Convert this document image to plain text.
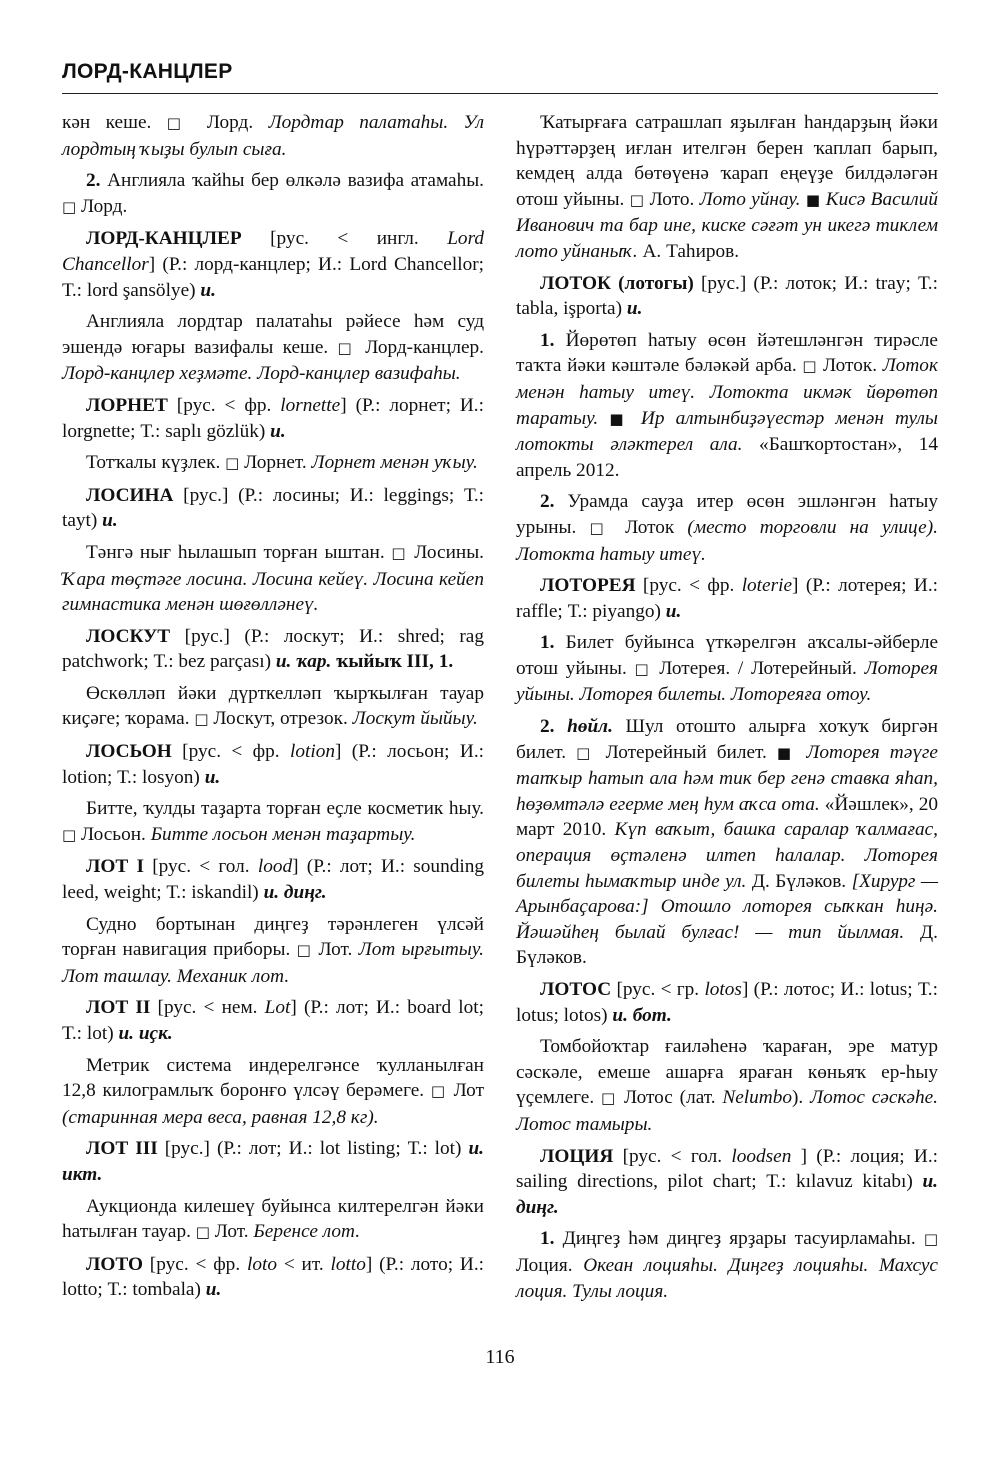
ЛОРД-КАНЦЛЕР

кән кеше. □ Лорд. Лордтар палатаһы. Ул лордтың ҡыҙы булып сыға.

2. Англияла ҡайһы бер өлкәлә вазифа атамаһы. □ Лорд.

ЛОРД-КАНЦЛЕР [рус. < ингл. Lord Chancellor] (Р.: лорд-канцлер; И.: Lord Chancellor; Т.: lord şansölye) и.

Англияла лордтар палатаһы рәйесе һәм суд эшендә юғары вазифалы кеше. □ Лорд-канцлер. Лорд-канцлер хеҙмәте. Лорд-канцлер вазифаһы.

ЛОРНЕТ [рус. < фр. lornette] (Р.: лорнет; И.: lorgnette; Т.: saplı gözlük) и.

Тотҡалы күҙлек. □ Лорнет. Лорнет менән уҡыу.

ЛОСИНА [рус.] (Р.: лосины; И.: leggings; Т.: tayt) и.

Тәнгә нығ һылашып торған ыштан. □ Лосины. Ҡара төҫтәге лосина. Лосина кейеү. Лосина кейеп гимнастика менән шөғөлләнеү.

ЛОСКУТ [рус.] (Р.: лоскут; И.: shred; rag patchwork; Т.: bez parçası) и. ҡар. ҡыйыҡ III, 1.

Өскөлләп йәки дүрткелләп ҡырҡылған тауар киҫәге; ҡорама. □ Лоскут, отрезок. Лоскут йыйыу.

ЛОСЬОН [рус. < фр. lotion] (Р.: лосьон; И.: lotion; Т.: losyon) и.

Битте, ҡулды таҙарта торған еҫле косметик һыу. □ Лосьон. Битте лосьон менән таҙартыу.

ЛОТ I [рус. < гол. lood] (Р.: лот; И.: sounding leed, weight; Т.: iskandil) и. диңг.

Судно бортынан диңгеҙ тәрәнлеген үлсәй торған навигация приборы. □ Лот. Лот ырғытыу. Лот ташлау. Механик лот.

ЛОТ II [рус. < нем. Lot] (Р.: лот; И.: board lot; Т.: lot) и. иҫк.

Метрик система индерелгәнсе ҡулланылған 12,8 килограмлыҡ боронғо үлсәү берәмеге. □ Лот (старинная мера веса, равная 12,8 кг).

ЛОТ III [рус.] (Р.: лот; И.: lot listing; Т.: lot) и. икт.

Аукционда килешеү буйынса килтерелгән йәки һатылған тауар. □ Лот. Беренсе лот.

ЛОТО [рус. < фр. loto < ит. lotto] (Р.: лото; И.: lotto; Т.: tombala) и.

Ҡатырғаға сатрашлап яҙылған һандарҙың йәки һүрәттәрҙең иғлан ителгән берен ҡаплап барып, кемдең алда бөтөүенә ҡарап еңеүҙе билдәләгән отош уйыны. □ Лото. Лото уйнау. ■ Кисә Василий Иванович та бар ине, киске сәғәт ун икегә тиклем лото уйнаныҡ. А. Таһиров.

ЛОТОК (лотогы) [рус.] (Р.: лоток; И.: tray; Т.: tabla, işporta) и.

1. Йөрөтөп һатыу өсөн йәтешләнгән тирәсле таҡта йәки кәштәле бәләкәй арба. □ Лоток. Лоток менән һатыу итеү. Лотокта икмәк йөрөтөп таратыу. ■ Ир алтынбиҙәүестәр менән тулы лотокты әләктерел ала. «Башҡортостан», 14 апрель 2012.

2. Урамда сауҙа итер өсөн эшләнгән һатыу урыны. □ Лоток (место торговли на улице). Лотокта һатыу итеү.

ЛОТОРЕЯ [рус. < фр. loterie] (Р.: лотерея; И.: raffle; Т.: piyango) и.

1. Билет буйынса үткәрелгән аҡсалы-әйберле отош уйыны. □ Лотерея. / Лотерейный. Лоторея уйыны. Лоторея билеты. Лотореяға отоу.

2. һөйл. Шул отошто алырға хоҡуҡ биргән билет. □ Лотерейный билет. ■ Лоторея тәүге тапҡыр һатып ала һәм тик бер генә ставка яһап, һөҙөмтәлә егерме мең һум аҡса ота. «Йәшлек», 20 март 2010. Күп ваҡыт, башка саралар ҡалмағас, операция өҫтәленә илтеп һалалар. Лоторея билеты һымаҡтыр инде ул. Д. Бүләков. [Хирург — Арынбаҫарова:] Отошло лоторея сыҡкан һиңә. Йәшәйһең былай булғас! — тип йылмая. Д. Бүләков.

ЛОТОС [рус. < гр. lotos] (Р.: лотос; И.: lotus; Т.: lotus; lotos) и. бот.

Томбойоҡтар ғаиләһенә ҡараған, эре матур сәскәле, емеше ашарға яраған көньяҡ ер-һыу үҫемлеге. □ Лотос (лат. Nelumbo). Лотос сәскәһе. Лотос тамыры.

ЛОЦИЯ [рус. < гол. loodsen ] (Р.: лоция; И.: sailing directions, pilot chart; Т.: kılavuz kitabı) и. диңг.

1. Диңгеҙ һәм диңгеҙ ярҙары тасуирламаһы. □ Лоция. Океан лоцияһы. Диңгеҙ лоцияһы. Махсус лоция. Тулы лоция.

116
